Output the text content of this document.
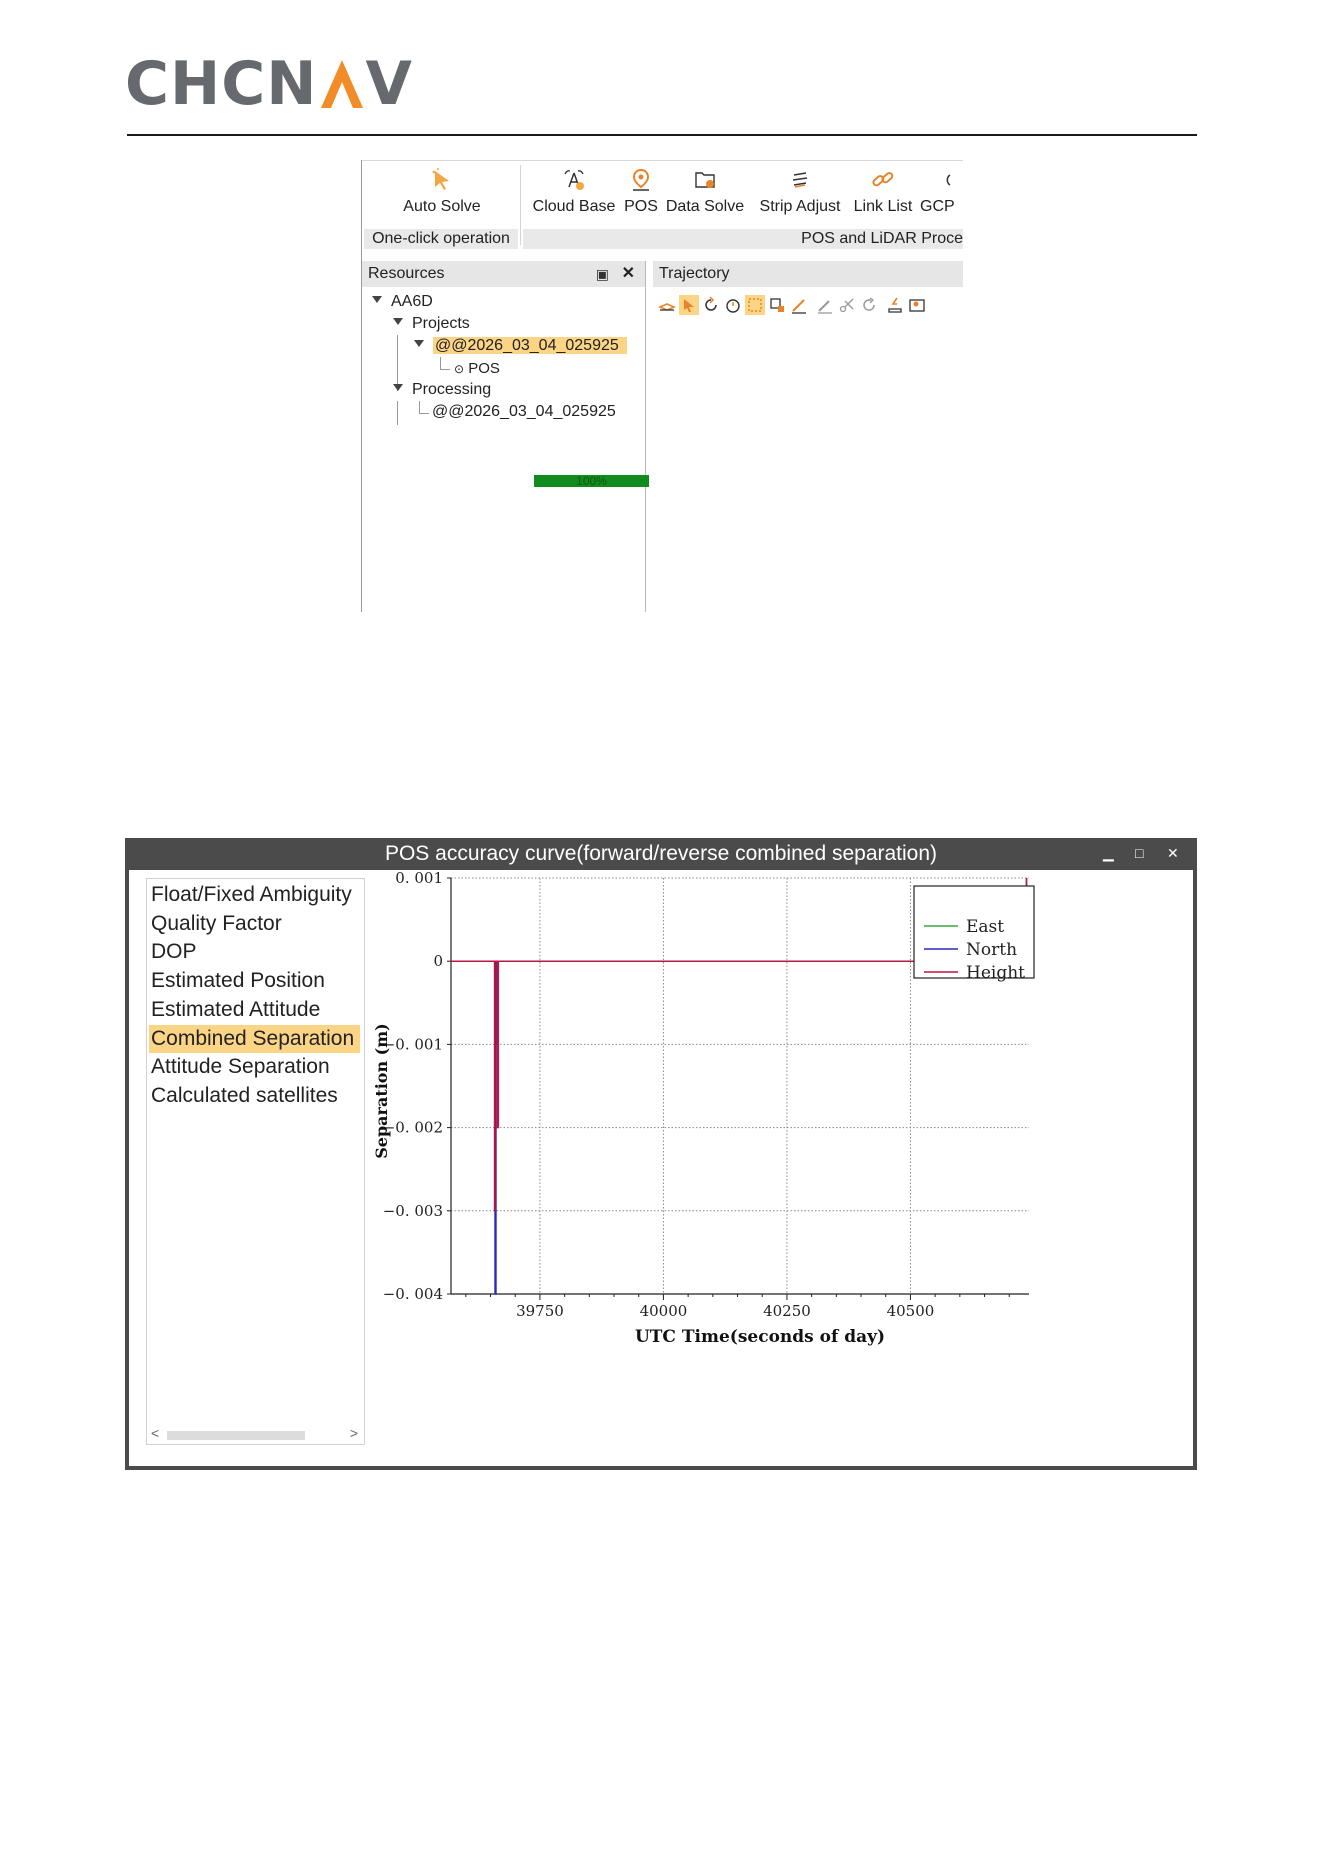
CHCN V
Auto Solve	Cloud Base POS Data Solve Strip Adjust Link List GCP
One-click operation	POS and LiDAR Proce
Resources	▣ ✕
AA6D
Projects
@@2026_03_04_025925
⊙ POS
100%
Processing
@@2026_03_04_025925
Trajectory
POS accuracy curve(forward/reverse combined separation)	▁ □ ✕
Float/Fixed Ambiguity
Quality Factor
DOP
Estimated Position
Estimated Attitude
Combined Separation
Attitude Separation
Calculated satellites
<	>
0. 001
0
−0. 001
−0. 002
−0. 003
−0. 004
39750	40000	40250	40500
UTC Time(seconds of day)
Separation (m)
East
North
Height
